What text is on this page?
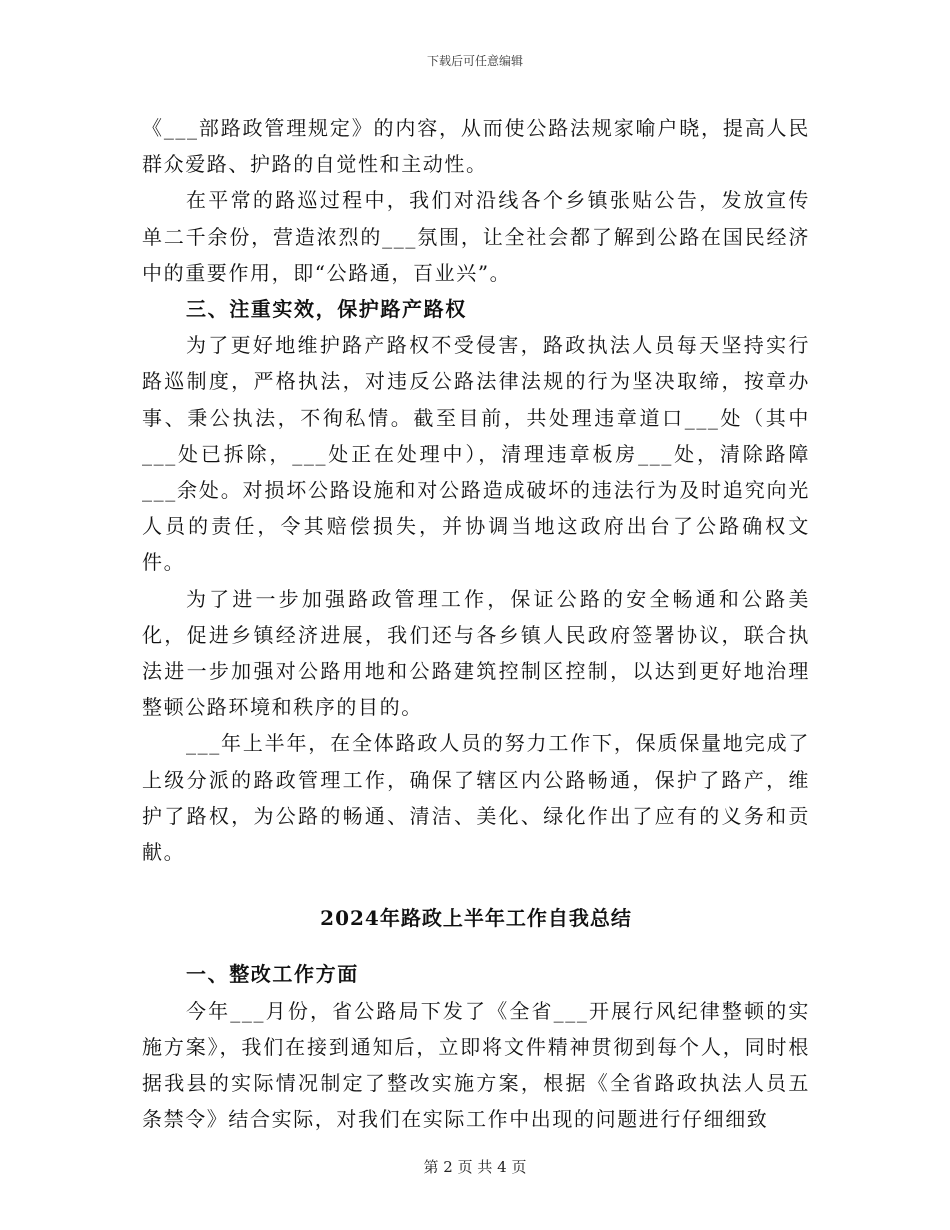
下载后可任意编辑

《___部路政管理规定》的内容，从而使公路法规家喻户晓，提高人民群众爱路、护路的自觉性和主动性。

在平常的路巡过程中，我们对沿线各个乡镇张贴公告，发放宣传单二千余份，营造浓烈的___氛围，让全社会都了解到公路在国民经济中的重要作用，即“公路通，百业兴”。

三、注重实效，保护路产路权

为了更好地维护路产路权不受侵害，路政执法人员每天坚持实行路巡制度，严格执法，对违反公路法律法规的行为坚决取缔，按章办事、秉公执法，不徇私情。截至目前，共处理违章道口___处（其中___处已拆除，___处正在处理中），清理违章板房___处，清除路障___余处。对损坏公路设施和对公路造成破坏的违法行为及时追究向光人员的责任，令其赔偿损失，并协调当地这政府出台了公路确权文件。

为了进一步加强路政管理工作，保证公路的安全畅通和公路美化，促进乡镇经济进展，我们还与各乡镇人民政府签署协议，联合执法进一步加强对公路用地和公路建筑控制区控制，以达到更好地治理整顿公路环境和秩序的目的。

___年上半年，在全体路政人员的努力工作下，保质保量地完成了上级分派的路政管理工作，确保了辖区内公路畅通，保护了路产，维护了路权，为公路的畅通、清洁、美化、绿化作出了应有的义务和贡献。

2024年路政上半年工作自我总结

一、整改工作方面

今年___月份，省公路局下发了《全省___开展行风纪律整顿的实施方案》，我们在接到通知后，立即将文件精神贯彻到每个人，同时根据我县的实际情况制定了整改实施方案，根据《全省路政执法人员五条禁令》结合实际，对我们在实际工作中出现的问题进行仔细细致

第 2 页 共 4 页
